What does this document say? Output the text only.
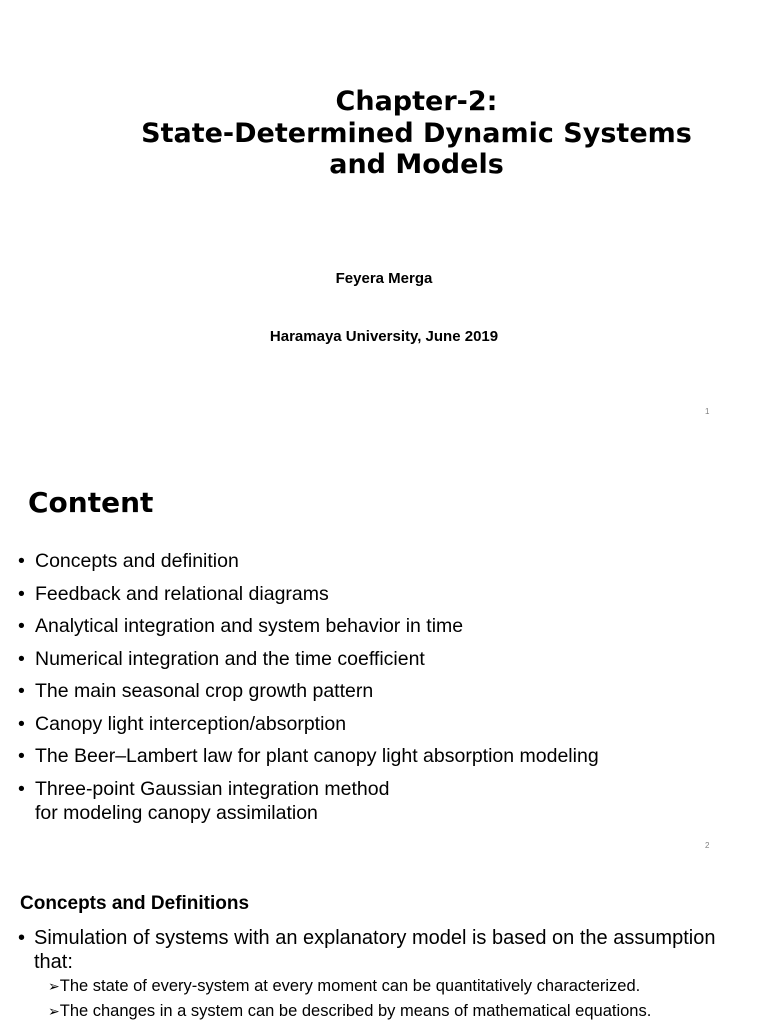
Chapter-2:
State-Determined Dynamic Systems
and Models
Feyera Merga
Haramaya University, June 2019
1
Content
• Concepts and definition
• Feedback and relational diagrams
• Analytical integration and system behavior in time
• Numerical integration and the time coefficient
• The main seasonal crop growth pattern
• Canopy light interception/absorption
• The Beer–Lambert law for plant canopy light absorption modeling
• Three-point Gaussian integration method
for modeling canopy assimilation
2
Concepts and Definitions
• Simulation of systems with an explanatory model is based on the assumption that:
➢The state of every-system at every moment can be quantitatively characterized.
➢The changes in a system can be described by means of mathematical equations.
